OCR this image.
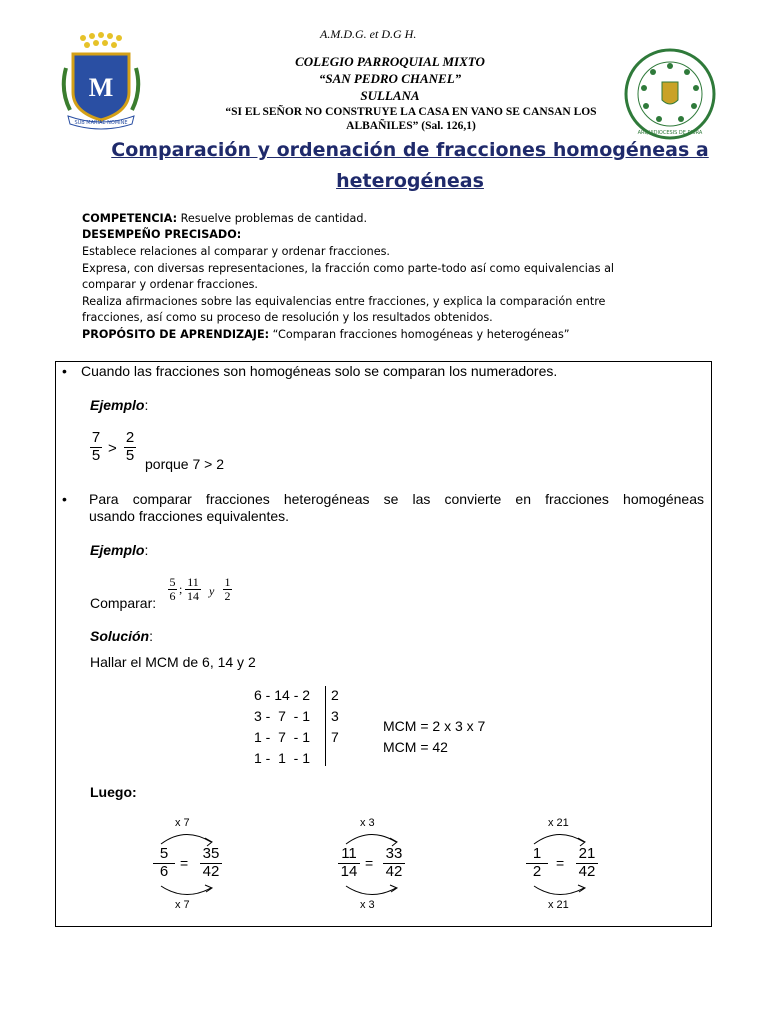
A.M.D.G. et D.G H.
M
SUB MARIAE NOMINE
COLEGIO PARROQUIAL MIXTO
“SAN PEDRO CHANEL”
SULLANA
“SI EL SEÑOR NO CONSTRUYE LA CASA EN VANO SE CANSAN LOS
ALBAÑILES” (Sal. 126,1)
ARQUIDIOCESIS DE PIURA
Comparación y ordenación de fracciones homogéneas a
heterogéneas
COMPETENCIA: Resuelve problemas de cantidad.
DESEMPEÑO PRECISADO:
Establece relaciones al comparar y ordenar fracciones.
Expresa, con diversas representaciones, la fracción como parte-todo así como equivalencias al
comparar y ordenar fracciones.
Realiza afirmaciones sobre las equivalencias entre fracciones, y explica la comparación entre
fracciones, así como su proceso de resolución y los resultados obtenidos.
PROPÓSITO DE APRENDIZAJE: “Comparan fracciones homogéneas y heterogéneas”
• Cuando las fracciones son homogéneas solo se comparan los numeradores.
Ejemplo:
7
5 >
2
5
porque 7 > 2
• Para comparar fracciones heterogéneas se las convierte en fracciones homogéneas
usando fracciones equivalentes.
Ejemplo:
Comparar:
5
6
; 11
14 y
1
2
Solución:
Hallar el MCM de 6, 14 y 2
6 - 14 - 2 2
3 -  7  - 1 3
1 -  7  - 1 7
1 -  1  - 1
MCM = 2 x 3 x 7
MCM = 42
Luego:
5
6
35
42
=
x 7
x 7
11
14
33
42
=
x 3
x 3
1
2
21
42
=
x 21
x 21
